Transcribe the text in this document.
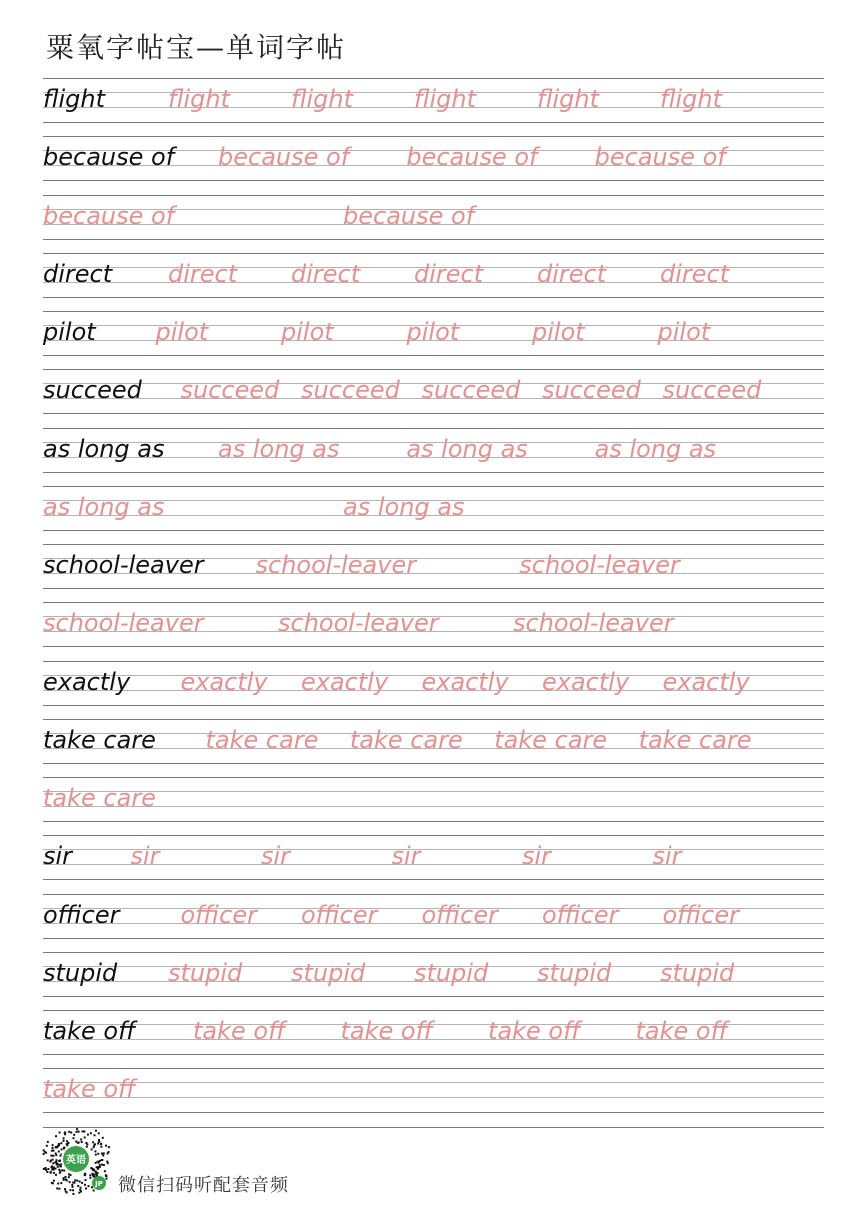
粟氧字帖宝—单词字帖
flight	flight	flight	flight	flight	flight
because of because of because of because of
because of	because of
direct direct direct direct direct direct
pilot pilot	pilot	pilot	pilot	pilot
succeed succeed succeed succeed succeed succeed
as long as as long as	as long as	as long as
as long as	as long as
school-leaver school-leaver	school-leaver
school-leaver	school-leaver	school-leaver
exactly exactly exactly exactly exactly exactly
take care take care take care take care take care
take care
sir sir	sir	sir	sir	sir
officer	officer officer officer officer officer
stupid stupid stupid stupid stupid stupid
take off take off take off take off take off
take off
英语
JP 微信扫码听配套音频
